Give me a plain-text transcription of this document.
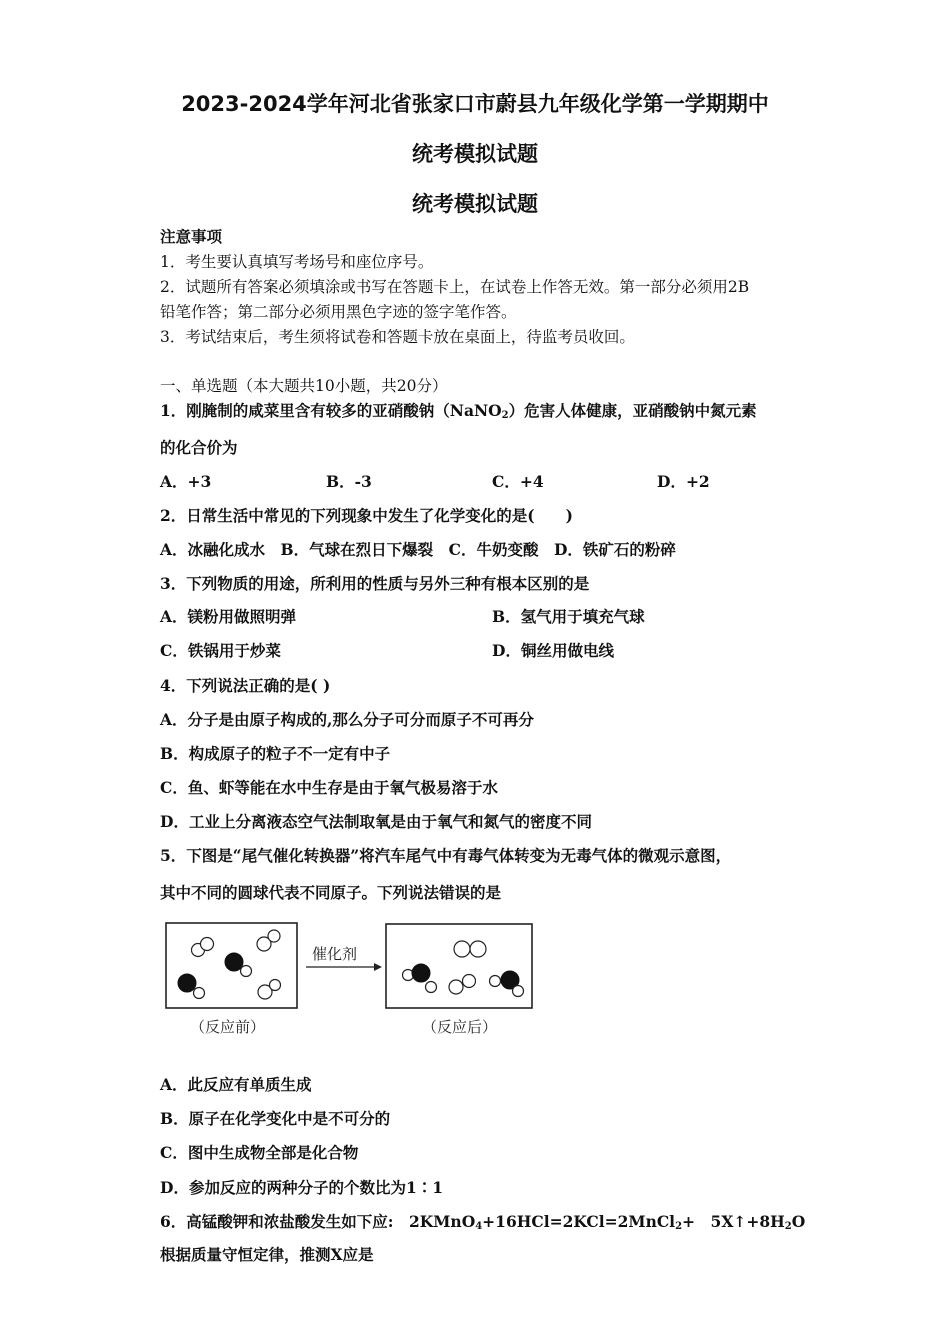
2023-2024学年河北省张家口市蔚县九年级化学第一学期期中
统考模拟试题
统考模拟试题
注意事项
1．考生要认真填写考场号和座位序号。
2．试题所有答案必须填涂或书写在答题卡上，在试卷上作答无效。第一部分必须用2B
铅笔作答；第二部分必须用黑色字迹的签字笔作答。
3．考试结束后，考生须将试卷和答题卡放在桌面上，待监考员收回。
一、单选题（本大题共10小题，共20分）
1．刚腌制的咸菜里含有较多的亚硝酸钠（NaNO$_2$）危害人体健康，亚硝酸钠中氮元素
的化合价为
A．+3	B．-3	C．+4	D．+2
2．日常生活中常见的下列现象中发生了化学变化的是(　　)
A．冰融化成水　B．气球在烈日下爆裂　C．牛奶变酸　D．铁矿石的粉碎
3．下列物质的用途，所利用的性质与另外三种有根本区别的是
A．镁粉用做照明弹	B．氢气用于填充气球
C．铁锅用于炒菜	D．铜丝用做电线
4．下列说法正确的是( )
A．分子是由原子构成的,那么分子可分而原子不可再分
B．构成原子的粒子不一定有中子
C．鱼、虾等能在水中生存是由于氧气极易溶于水
D．工业上分离液态空气法制取氧是由于氧气和氮气的密度不同
5．下图是“尾气催化转换器”将汽车尾气中有毒气体转变为无毒气体的微观示意图，
其中不同的圆球代表不同原子。下列说法错误的是
催化剂
（反应前）	（反应后）
A．此反应有单质生成
B．原子在化学变化中是不可分的
C．图中生成物全部是化合物
D．参加反应的两种分子的个数比为1∶1
6．高锰酸钾和浓盐酸发生如下应:　2KMnO$_4$+16HCl=2KCl=2MnCl$_2$+　$5X↑+8H_2O$
根据质量守恒定律，推测X应是
